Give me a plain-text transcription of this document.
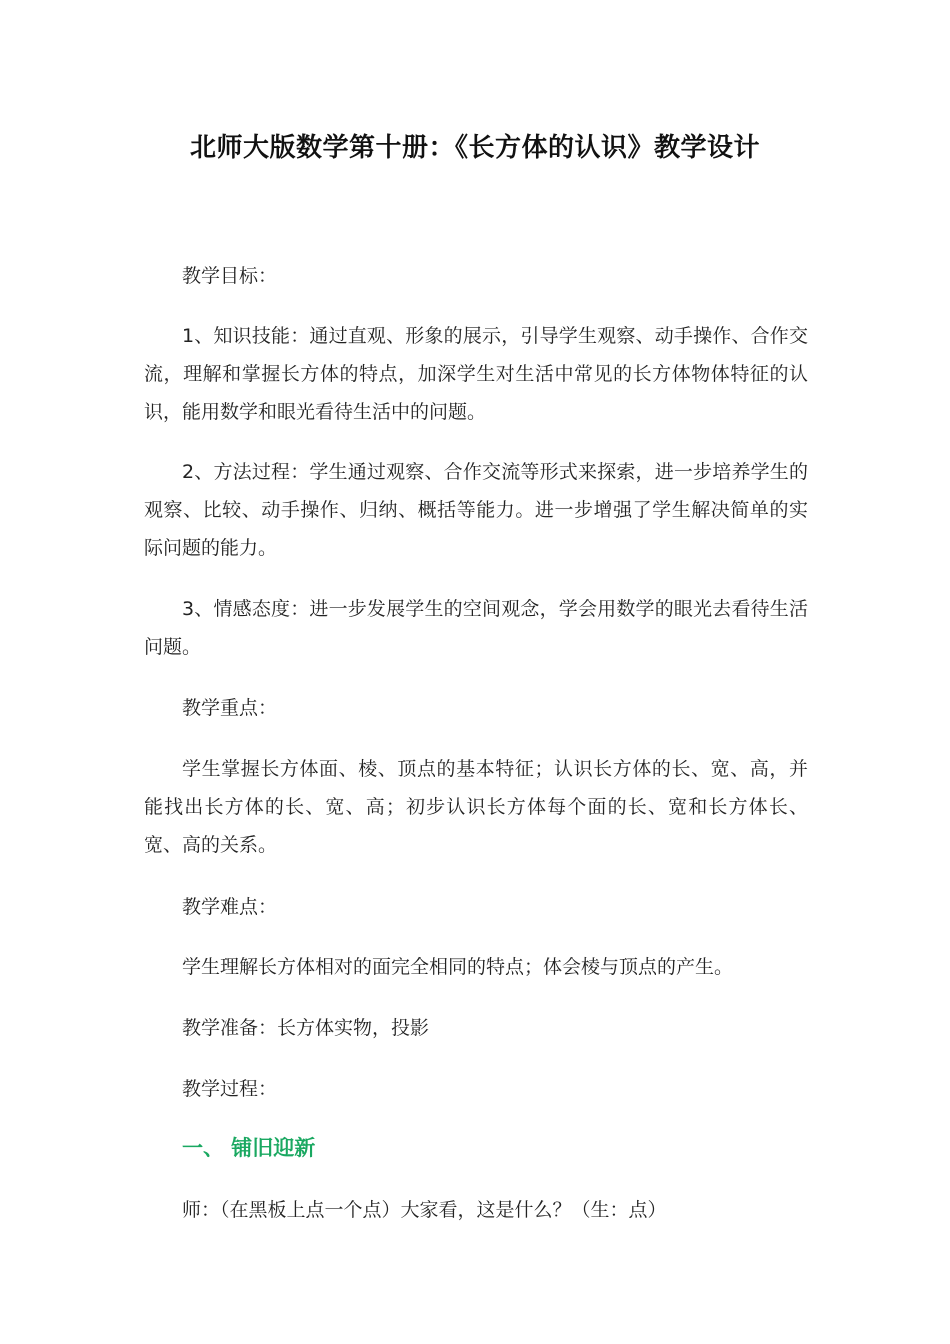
北师大版数学第十册：《长方体的认识》教学设计

教学目标：

1、知识技能：通过直观、形象的展示，引导学生观察、动手操作、合作交流，理解和掌握长方体的特点，加深学生对生活中常见的长方体物体特征的认识，能用数学和眼光看待生活中的问题。

2、方法过程：学生通过观察、合作交流等形式来探索，进一步培养学生的观察、比较、动手操作、归纳、概括等能力。进一步增强了学生解决简单的实际问题的能力。

3、情感态度：进一步发展学生的空间观念，学会用数学的眼光去看待生活问题。

教学重点：

学生掌握长方体面、棱、顶点的基本特征；认识长方体的长、宽、高，并能找出长方体的长、宽、高；初步认识长方体每个面的长、宽和长方体长、宽、高的关系。

教学难点：

学生理解长方体相对的面完全相同的特点；体会棱与顶点的产生。

教学准备：长方体实物，投影

教学过程：

一、 铺旧迎新

师：（在黑板上点一个点）大家看，这是什么？（生：点）
